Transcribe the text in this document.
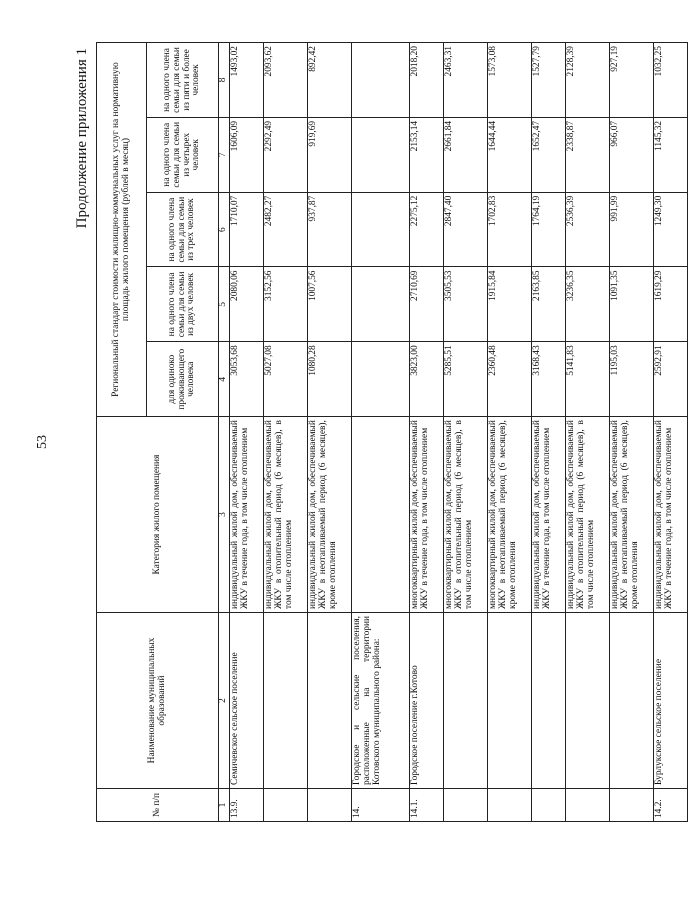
53
Продолжение приложения 1
№ п/п	Наименование муниципальных образований	Категория жилого помещения	Региональный стандарт стоимости жилищно-коммунальных услуг на нормативную площадь жилого помещения (рублей в месяц)				
			для одиноко проживающего человека	на одного члена семьи для семьи из двух человек	на одного члена семьи для семьи из трех человек	на одного члена семьи для семьи из четырех человек	на одного члена семьи для семьи из пяти и более человек
1	2	3	4	5	6	7	8
13.9.	Семичевское сельское поселение	индивидуальный жилой дом, обеспечиваемый ЖКУ в течение года, в том числе отоплением	3053,68	2080,06	1710,07	1606,09	1493,02
		индивидуальный жилой дом, обеспечиваемый ЖКУ в отопительный период (6 месяцев), в том числе отоплением	5027,08	3152,56	2482,27	2292,49	2093,62
		индивидуальный жилой дом, обеспечиваемый ЖКУ в неотапливаемый период (6 месяцев), кроме отопления	1080,28	1007,56	937,87	919,69	892,42
14.	Городское и сельские поселения, расположенные на территории Котовского муниципального района:						
14.1.	Городское поселение г.Котово	многоквартирный жилой дом, обеспечиваемый ЖКУ в течение года, в том числе отоплением	3823,00	2710,69	2275,12	2153,14	2018,20
		многоквартирный жилой дом, обеспечиваемый ЖКУ в отопительный период (6 месяцев), в том числе отоплением	5285,51	3505,53	2847,40	2661,84	2463,31
		многоквартирный жилой дом, обеспечиваемый ЖКУ в неотапливаемый период (6 месяцев), кроме отопления	2360,48	1915,84	1702,83	1644,44	1573,08
		индивидуальный жилой дом, обеспечиваемый ЖКУ в течение года, в том числе отоплением	3168,43	2163,85	1764,19	1652,47	1527,79
		индивидуальный жилой дом, обеспечиваемый ЖКУ в отопительный период (6 месяцев), в том числе отоплением	5141,83	3236,35	2536,39	2338,87	2128,39
		индивидуальный жилой дом, обеспечиваемый ЖКУ в неотапливаемый период (6 месяцев), кроме отопления	1195,03	1091,35	991,99	966,07	927,19
14.2.	Бурлукское сельское поселение	индивидуальный жилой дом, обеспечиваемый ЖКУ в течение года, в том числе отоплением	2592,91	1619,29	1249,30	1145,32	1032,25
